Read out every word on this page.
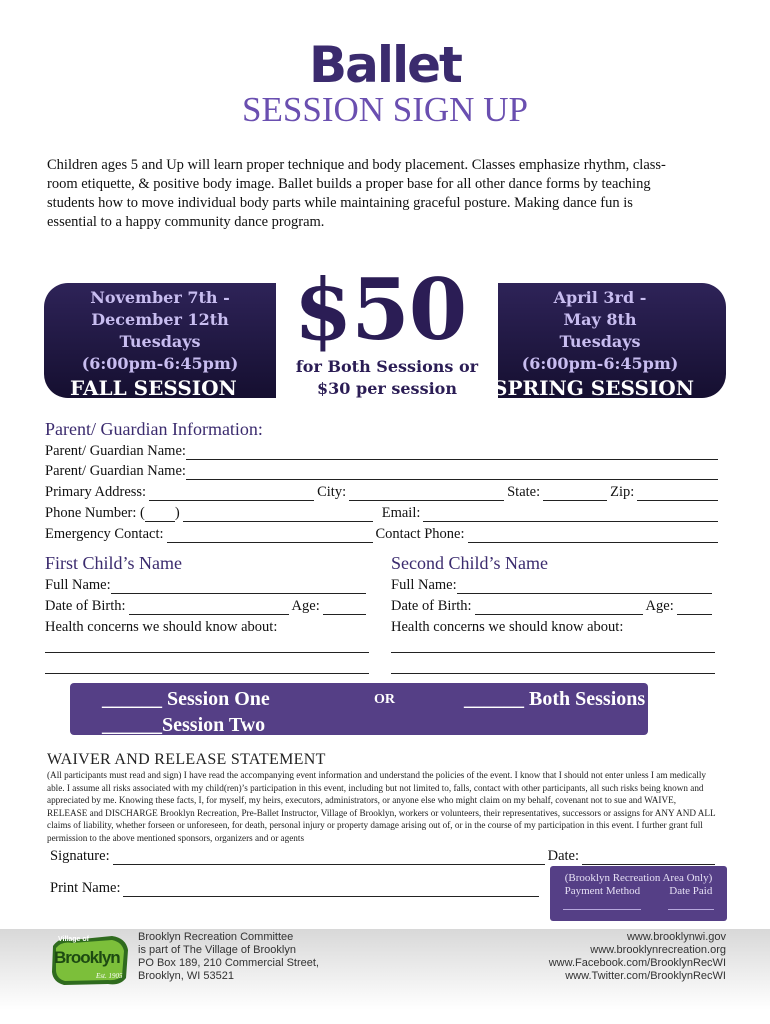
Ballet
SESSION SIGN UP
Children ages 5 and Up will learn proper technique and body placement. Classes emphasize rhythm, class-room etiquette, & positive body image. Ballet builds a proper base for all other dance forms by teaching students how to move individual body parts while maintaining graceful posture. Making dance fun is essential to a happy community dance program.
November 7th -
December 12th
Tuesdays
(6:00pm-6:45pm)
FALL SESSION
April 3rd -
May 8th
Tuesdays
(6:00pm-6:45pm)
SPRING SESSION
$50
for Both Sessions or
$30 per session
Parent/ Guardian Information:
Parent/ Guardian Name:
Parent/ Guardian Name:
Primary Address:	City:	State:	Zip:
Phone Number: ( )	Email:
Emergency Contact:	Contact Phone:
First Child’s Name
Full Name:
Date of Birth:	Age:
Health concerns we should know about:
Second Child’s Name
Full Name:
Date of Birth:	Age:
Health concerns we should know about:
______ Session One
______Session Two
OR	______ Both Sessions
WAIVER AND RELEASE STATEMENT
(All participants must read and sign) I have read the accompanying event information and understand the policies of the event. I know that I should not enter unless I am medically able. I assume all risks associated with my child(ren)’s participation in this event, including but not limited to, falls, contact with other participants, all such risks being known and appreciated by me. Knowing these facts, I, for myself, my heirs, executors, administrators, or anyone else who might claim on my behalf, covenant not to sue and WAIVE, RELEASE and DISCHARGE Brooklyn Recreation, Pre-Ballet Instructor, Village of Brooklyn, workers or volunteers, their representatives, successors or assigns for ANY AND ALL claims of liability, whether forseen or unforeseen, for death, personal injury or property damage arising out of, or in the course of my participation in this event. I further grant full permission to the above mentioned sponsors, organizers and or agents
Signature:	Date:
Print Name:
(Brooklyn Recreation Area Only)
Payment Method	Date Paid
Village of
Brooklyn
Est. 1905
Brooklyn Recreation Committee
is part of The Village of Brooklyn
PO Box 189, 210 Commercial Street,
Brooklyn, WI 53521
www.brooklynwi.gov
www.brooklynrecreation.org
www.Facebook.com/BrooklynRecWI
www.Twitter.com/BrooklynRecWI
